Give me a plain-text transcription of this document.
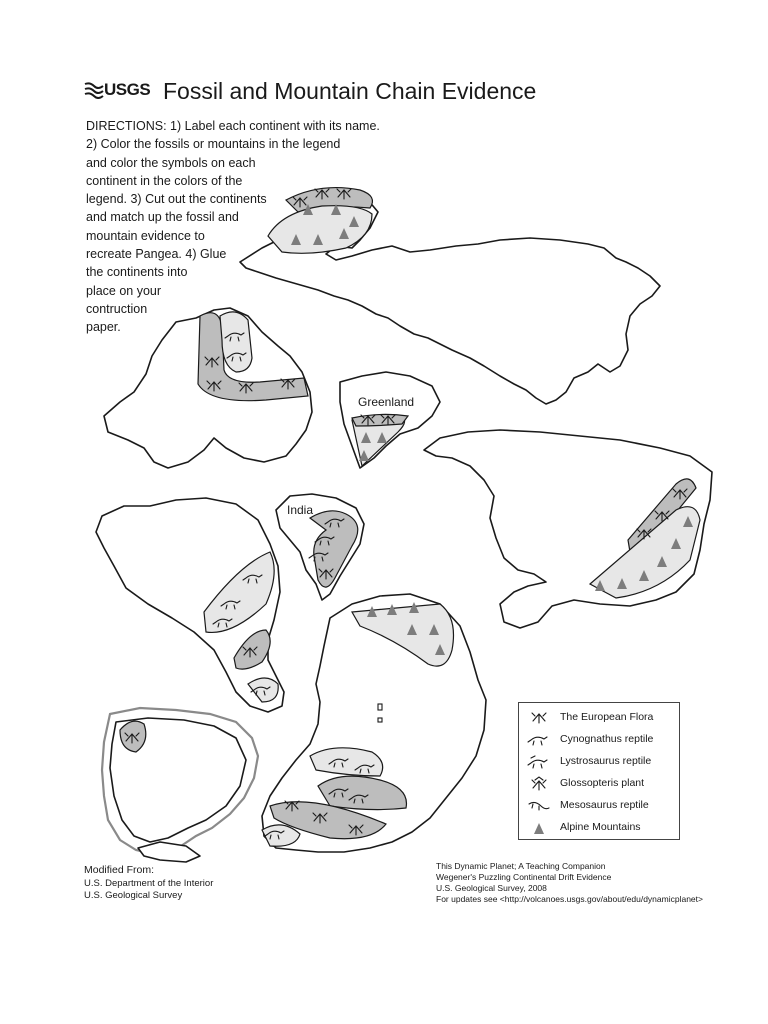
USGS Fossil and Mountain Chain Evidence
DIRECTIONS: 1) Label each continent with its name.
2) Color the fossils or mountains in the legend
and color the symbols on each
continent in the colors of the
legend. 3) Cut out the continents
and match up the fossil and
mountain evidence to
recreate Pangea. 4) Glue
the continents into
place on your
contruction
paper.
Greenland
India
The European Flora
Cynognathus reptile
Lystrosaurus reptile
Glossopteris plant
Mesosaurus reptile
Alpine Mountains
Modified From:
U.S. Department of the Interior
U.S. Geological Survey
This Dynamic Planet; A Teaching Companion
Wegener's Puzzling Continental Drift Evidence
U.S. Geological Survey, 2008
For updates see <http://volcanoes.usgs.gov/about/edu/dynamicplanet>
